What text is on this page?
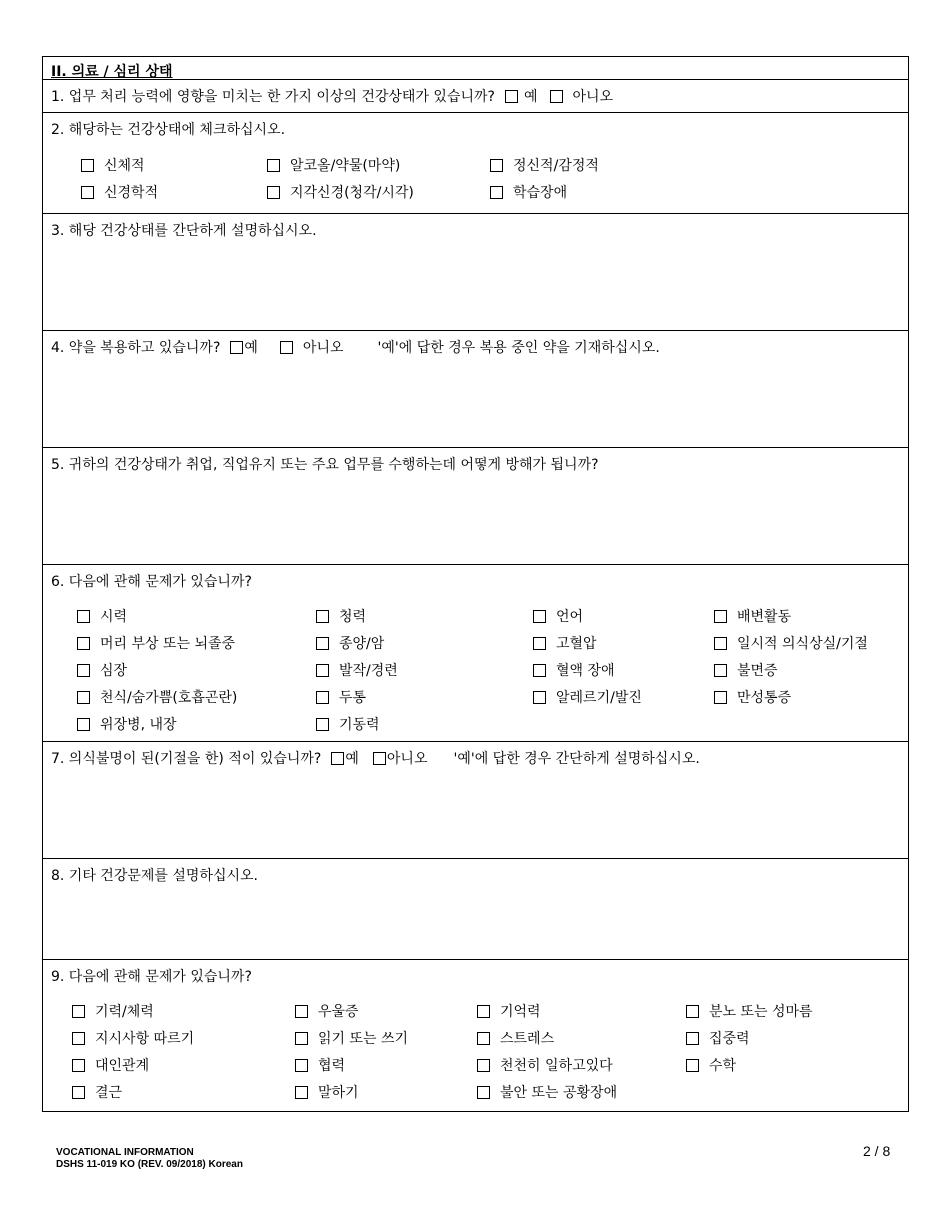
II. 의료 / 심리 상태
1. 업무 처리 능력에 영향을 미치는 한 가지 이상의 건강상태가 있습니까? 예	아니오
2. 해당하는 건강상태에 체크하십시오.
신체적	알코올/약물(마약)	정신적/감정적
신경학적	지각신경(청각/시각)	학습장애
3. 해당 건강상태를 간단하게 설명하십시오.
4. 약을 복용하고 있습니까? 예	아니오 '예'에 답한 경우 복용 중인 약을 기재하십시오.
5. 귀하의 건강상태가 취업, 직업유지 또는 주요 업무를 수행하는데 어떻게 방해가 됩니까?
6. 다음에 관해 문제가 있습니까?
시력	청력	언어	배변활동
머리 부상 또는 뇌졸중	종양/암	고혈압	일시적 의식상실/기절
심장	발작/경련	혈액 장애	불면증
천식/숨가쁨(호흡곤란)	두통	알레르기/발진	만성통증
위장병, 내장	기동력
7. 의식불명이 된(기절을 한) 적이 있습니까? 예 아니오 '예'에 답한 경우 간단하게 설명하십시오.
8. 기타 건강문제를 설명하십시오.
9. 다음에 관해 문제가 있습니까?
기력/체력	우울증	기억력	분노 또는 성마름
지시사항 따르기	읽기 또는 쓰기	스트레스	집중력
대인관계	협력	천천히 일하고있다	수학
결근	말하기	불안 또는 공황장애
VOCATIONAL INFORMATION
DSHS 11-019 KO (REV. 09/2018) Korean
2 / 8
